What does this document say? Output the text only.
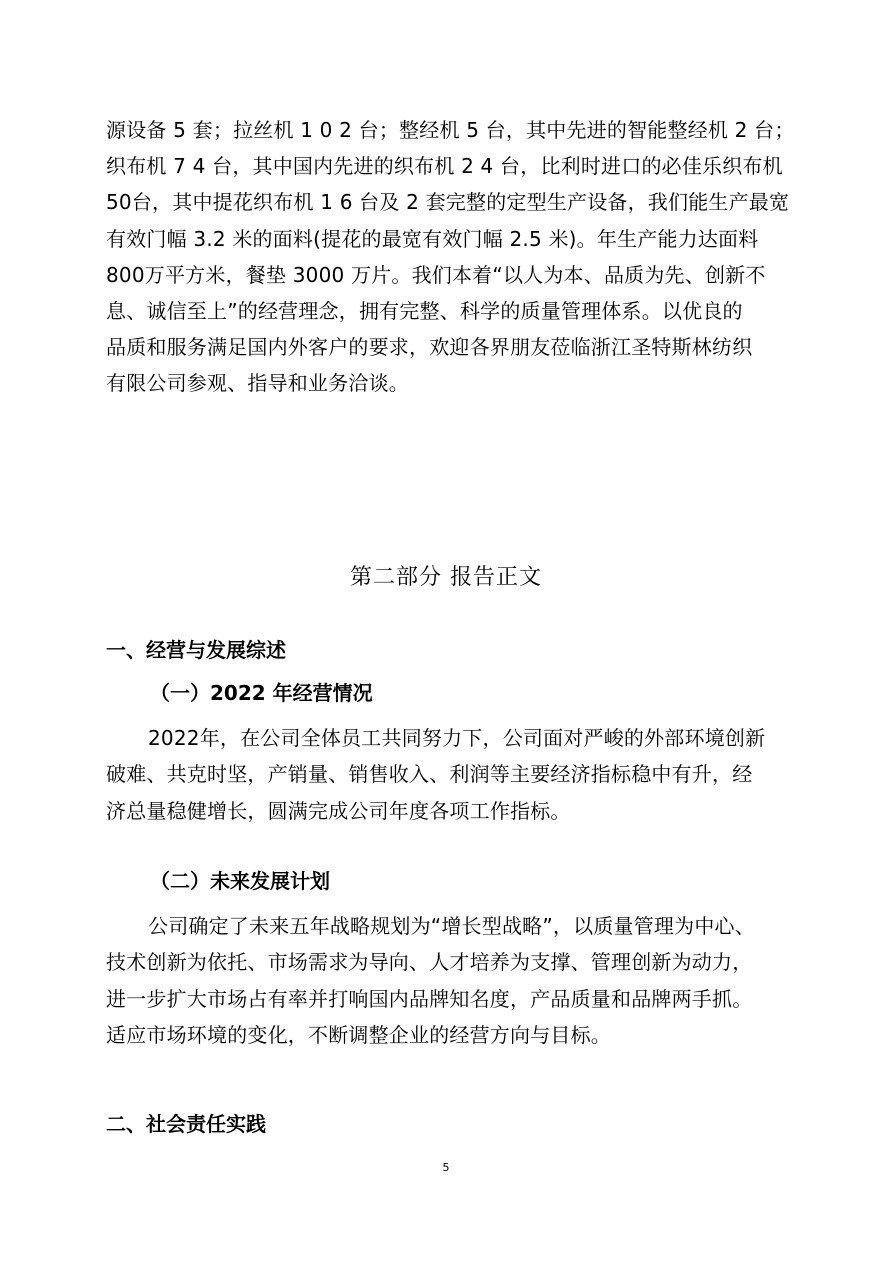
源设备 5 套；拉丝机 1 0 2 台；整经机 5 台，其中先进的智能整经机 2 台；
织布机 7 4 台，其中国内先进的织布机 2 4 台，比利时进口的必佳乐织布机
50台，其中提花织布机 1 6 台及 2 套完整的定型生产设备，我们能生产最宽
有效门幅 3.2 米的面料(提花的最宽有效门幅 2.5 米)。年生产能力达面料
800万平方米，餐垫 3000 万片。我们本着“以人为本、品质为先、创新不
息、诚信至上”的经营理念，拥有完整、科学的质量管理体系。以优良的
品质和服务满足国内外客户的要求，欢迎各界朋友莅临浙江圣特斯林纺织
有限公司参观、指导和业务洽谈。
第二部分 报告正文
一、经营与发展综述
（一）2022 年经营情况
2022年，在公司全体员工共同努力下，公司面对严峻的外部环境创新
破难、共克时坚，产销量、销售收入、利润等主要经济指标稳中有升，经
济总量稳健增长，圆满完成公司年度各项工作指标。
（二）未来发展计划
公司确定了未来五年战略规划为“增长型战略”，以质量管理为中心、
技术创新为依托、市场需求为导向、人才培养为支撑、管理创新为动力，
进一步扩大市场占有率并打响国内品牌知名度，产品质量和品牌两手抓。
适应市场环境的变化，不断调整企业的经营方向与目标。
二、社会责任实践
5
